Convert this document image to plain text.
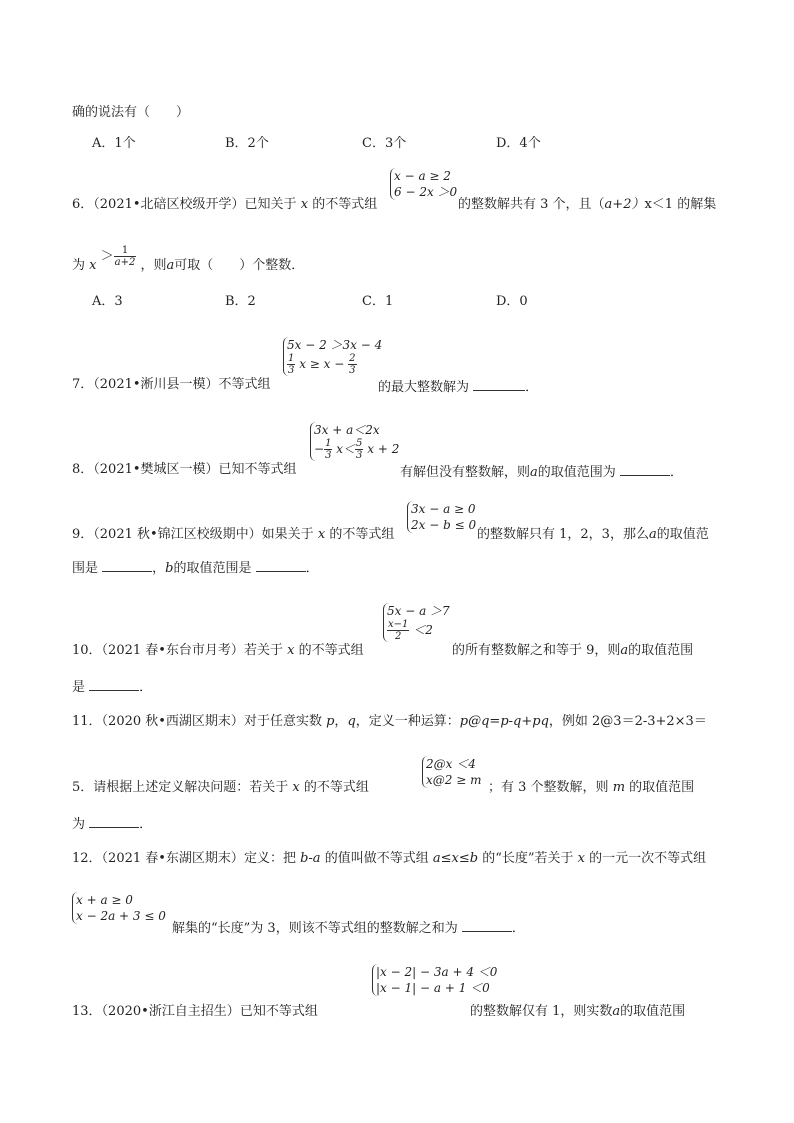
确的说法有（　　）
A．1个	B．2个	C．3个	D．4个
x − a ≥ 2
6 − 2x ＞0
6．（2021•北碚区校级开学）已知关于 x 的不等式组	的整数解共有 3 个，且（a+2）x＜1 的解集
为 $x > \frac{1}{a+2}$ ，则a可取（　　）个整数．
A．3	B．2	C．1	D．0
5x − 2 ＞3x − 4
$\frac{1}{3}$ $x \ge x - \frac{2}{3}$
7．（2021•淅川县一模）不等式组	的最大整数解为	．
3x + a＜2x
− $\frac{1}{3} x< \frac{5}{3}$ x + 2
8．（2021•樊城区一模）已知不等式组	有解但没有整数解，则a的取值范围为	．
3x − a ≥ 0
2x − b ≤ 0
9．（2021 秋•锦江区校级期中）如果关于 x 的不等式组	的整数解只有 1，2，3，那么a的取值范
围是	，b的取值范围是	．
5x − a ＞7
$\frac{x-1}{2} <2$
10．（2021 春•东台市月考）若关于 x 的不等式组	的所有整数解之和等于 9，则a的取值范围
是	．
11．（2020 秋•西湖区期末）对于任意实数 p，q，定义一种运算：p@q=p-q+pq，例如 2@3＝2-3+2×3＝
2@x ＜4
x@2 ≥ m
5．请根据上述定义解决问题：若关于 x 的不等式组	；有 3 个整数解，则 m 的取值范围
为	．
12．（2021 春•东湖区期末）定义：把 b-a 的值叫做不等式组 a≤x≤b 的“长度”若关于 x 的一元一次不等式组
x + a ≥ 0
x − 2a + 3 ≤ 0
解集的“长度”为 3，则该不等式组的整数解之和为	．
|x − 2| − 3a + 4 ＜0
|x − 1| − a + 1 ＜0
13．（2020•浙江自主招生）已知不等式组	的整数解仅有 1，则实数a的取值范围
